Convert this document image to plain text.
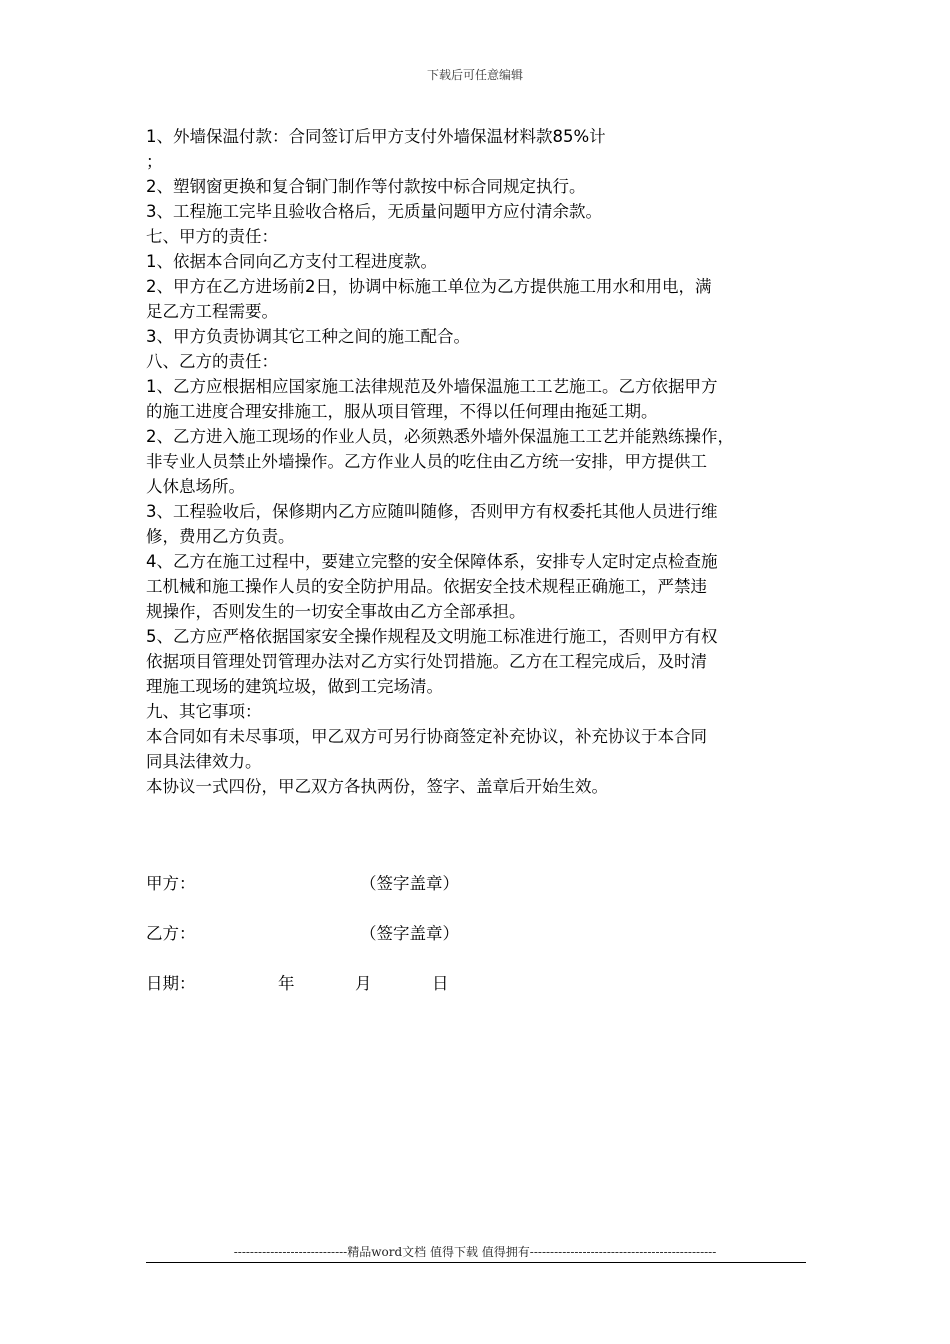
下载后可任意编辑
1、外墙保温付款：合同签订后甲方支付外墙保温材料款85%计
；
2、塑钢窗更换和复合铜门制作等付款按中标合同规定执行。
3、工程施工完毕且验收合格后，无质量问题甲方应付清余款。
七、甲方的责任：
1、依据本合同向乙方支付工程进度款。
2、甲方在乙方进场前2日，协调中标施工单位为乙方提供施工用水和用电，满
足乙方工程需要。
3、甲方负责协调其它工种之间的施工配合。
八、乙方的责任：
1、乙方应根据相应国家施工法律规范及外墙保温施工工艺施工。乙方依据甲方
的施工进度合理安排施工，服从项目管理，不得以任何理由拖延工期。
2、乙方进入施工现场的作业人员，必须熟悉外墙外保温施工工艺并能熟练操作，
非专业人员禁止外墙操作。乙方作业人员的吃住由乙方统一安排，甲方提供工
人休息场所。
3、工程验收后，保修期内乙方应随叫随修，否则甲方有权委托其他人员进行维
修，费用乙方负责。
4、乙方在施工过程中，要建立完整的安全保障体系，安排专人定时定点检查施
工机械和施工操作人员的安全防护用品。依据安全技术规程正确施工，严禁违
规操作，否则发生的一切安全事故由乙方全部承担。
5、乙方应严格依据国家安全操作规程及文明施工标准进行施工，否则甲方有权
依据项目管理处罚管理办法对乙方实行处罚措施。乙方在工程完成后，及时清
理施工现场的建筑垃圾，做到工完场清。
九、其它事项：
本合同如有未尽事项，甲乙双方可另行协商签定补充协议，补充协议于本合同
同具法律效力。
本协议一式四份，甲乙双方各执两份，签字、盖章后开始生效。
甲方：	（签字盖章）
乙方：	（签字盖章）
日期：	年	月	日
----------------------------精品word文档 值得下载 值得拥有----------------------------------------------
